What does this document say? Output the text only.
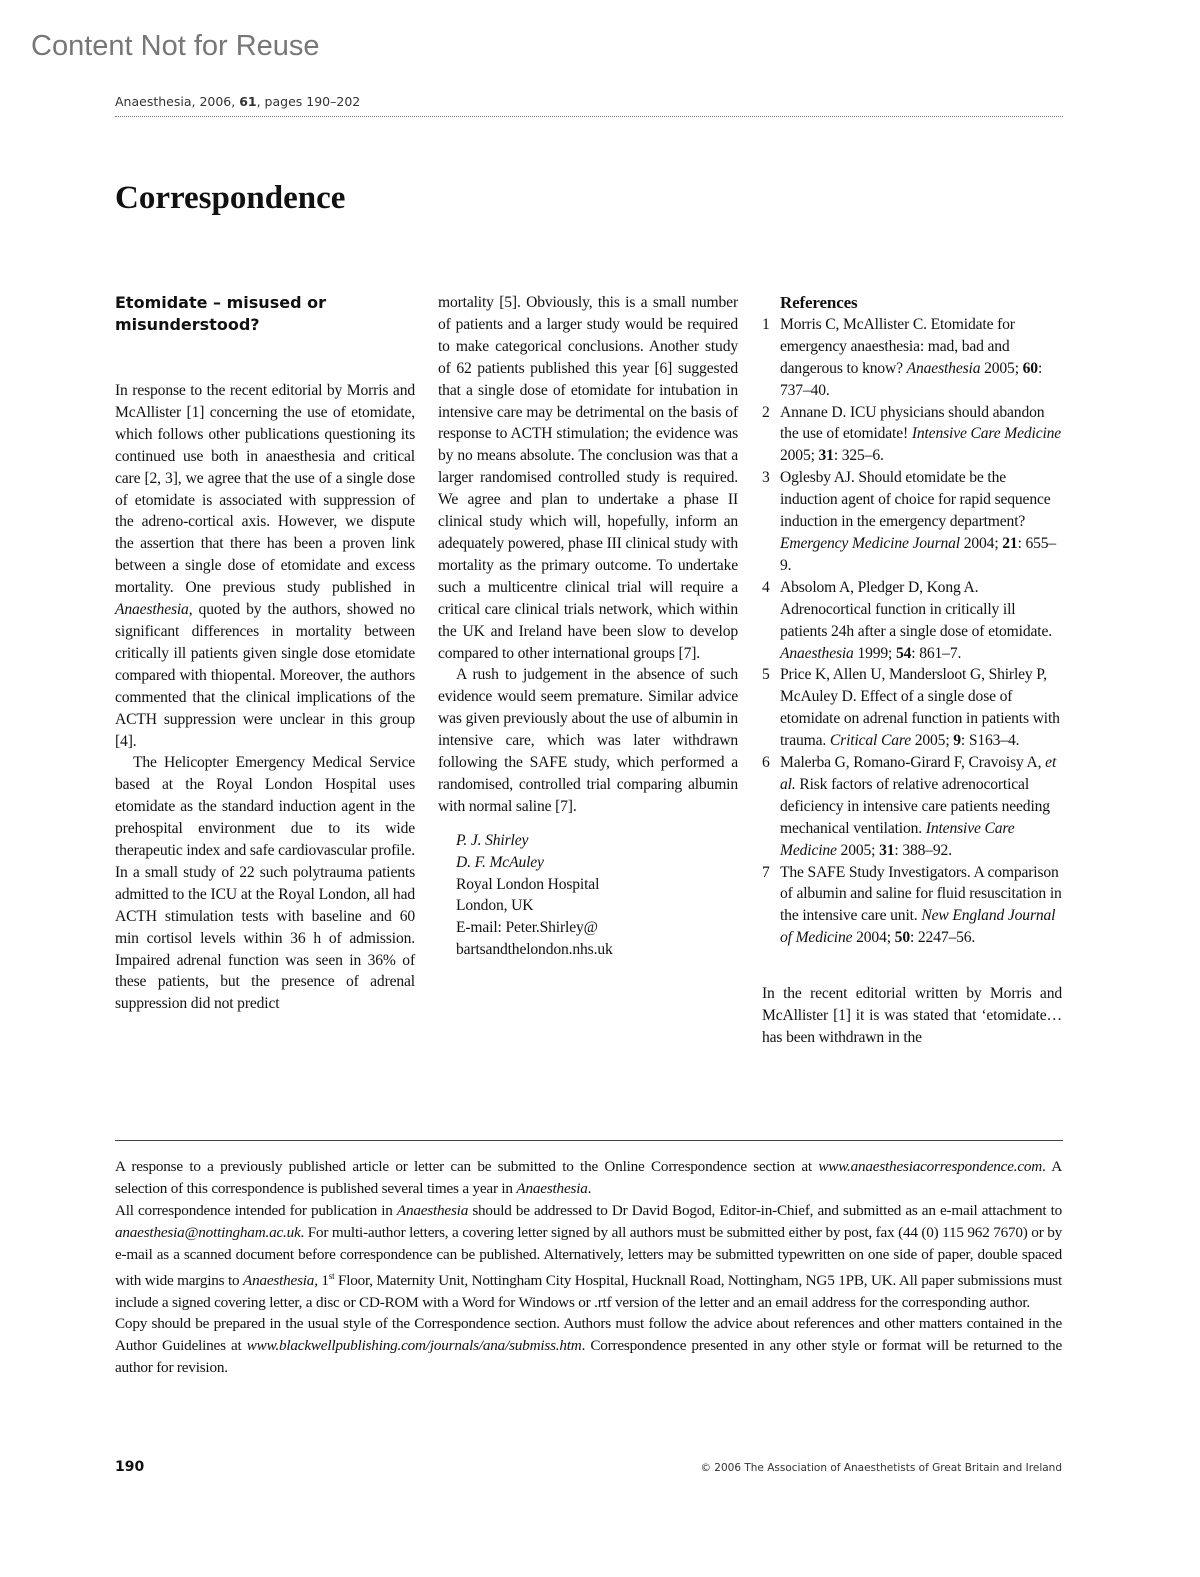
Content Not for Reuse
Anaesthesia, 2006, 61, pages 190–202
Correspondence
Etomidate – misused or misunderstood?

In response to the recent editorial by Morris and McAllister [1] concerning the use of etomidate, which follows other publications questioning its continued use both in anaesthesia and critical care [2, 3], we agree that the use of a single dose of etomidate is associated with suppression of the adreno-cortical axis. However, we dispute the assertion that there has been a proven link between a single dose of etomidate and excess mortality. One previous study published in Anaesthesia, quoted by the authors, showed no significant differences in mortality between critically ill patients given single dose etomidate compared with thiopental. Moreover, the authors commented that the clinical implications of the ACTH suppression were unclear in this group [4].

The Helicopter Emergency Medical Service based at the Royal London Hospital uses etomidate as the standard induction agent in the prehospital environment due to its wide therapeutic index and safe cardiovascular profile. In a small study of 22 such polytrauma patients admitted to the ICU at the Royal London, all had ACTH stimulation tests with baseline and 60 min cortisol levels within 36 h of admission. Impaired adrenal function was seen in 36% of these patients, but the presence of adrenal suppression did not predict

mortality [5]. Obviously, this is a small number of patients and a larger study would be required to make categorical conclusions. Another study of 62 patients published this year [6] suggested that a single dose of etomidate for intubation in intensive care may be detrimental on the basis of response to ACTH stimulation; the evidence was by no means absolute. The conclusion was that a larger randomised controlled study is required. We agree and plan to undertake a phase II clinical study which will, hopefully, inform an adequately powered, phase III clinical study with mortality as the primary outcome. To undertake such a multicentre clinical trial will require a critical care clinical trials network, which within the UK and Ireland have been slow to develop compared to other international groups [7].

A rush to judgement in the absence of such evidence would seem premature. Similar advice was given previously about the use of albumin in intensive care, which was later withdrawn following the SAFE study, which performed a randomised, controlled trial comparing albumin with normal saline [7].

P. J. Shirley
D. F. McAuley
Royal London Hospital
London, UK
E-mail: Peter.Shirley@
bartsandthelondon.nhs.uk
References
1 Morris C, McAllister C. Etomidate for emergency anaesthesia: mad, bad and dangerous to know? Anaesthesia 2005; 60: 737–40.
2 Annane D. ICU physicians should abandon the use of etomidate! Intensive Care Medicine 2005; 31: 325–6.
3 Oglesby AJ. Should etomidate be the induction agent of choice for rapid sequence induction in the emergency department? Emergency Medicine Journal 2004; 21: 655–9.
4 Absolom A, Pledger D, Kong A. Adrenocortical function in critically ill patients 24h after a single dose of etomidate. Anaesthesia 1999; 54: 861–7.
5 Price K, Allen U, Mandersloot G, Shirley P, McAuley D. Effect of a single dose of etomidate on adrenal function in patients with trauma. Critical Care 2005; 9: S163–4.
6 Malerba G, Romano-Girard F, Cravoisy A, et al. Risk factors of relative adrenocortical deficiency in intensive care patients needing mechanical ventilation. Intensive Care Medicine 2005; 31: 388–92.
7 The SAFE Study Investigators. A comparison of albumin and saline for fluid resuscitation in the intensive care unit. New England Journal of Medicine 2004; 50: 2247–56.

In the recent editorial written by Morris and McAllister [1] it is was stated that ‘etomidate…has been withdrawn in the

A response to a previously published article or letter can be submitted to the Online Correspondence section at www.anaesthesiacorrespondence.com. A selection of this correspondence is published several times a year in Anaesthesia.

All correspondence intended for publication in Anaesthesia should be addressed to Dr David Bogod, Editor-in-Chief, and submitted as an e-mail attachment to anaesthesia@nottingham.ac.uk. For multi-author letters, a covering letter signed by all authors must be submitted either by post, fax (44 (0) 115 962 7670) or by e-mail as a scanned document before correspondence can be published. Alternatively, letters may be submitted typewritten on one side of paper, double spaced with wide margins to Anaesthesia, 1st Floor, Maternity Unit, Nottingham City Hospital, Hucknall Road, Nottingham, NG5 1PB, UK. All paper submissions must include a signed covering letter, a disc or CD-ROM with a Word for Windows or .rtf version of the letter and an email address for the corresponding author.

Copy should be prepared in the usual style of the Correspondence section. Authors must follow the advice about references and other matters contained in the Author Guidelines at www.blackwellpublishing.com/journals/ana/submiss.htm. Correspondence presented in any other style or format will be returned to the author for revision.

190	© 2006 The Association of Anaesthetists of Great Britain and Ireland
